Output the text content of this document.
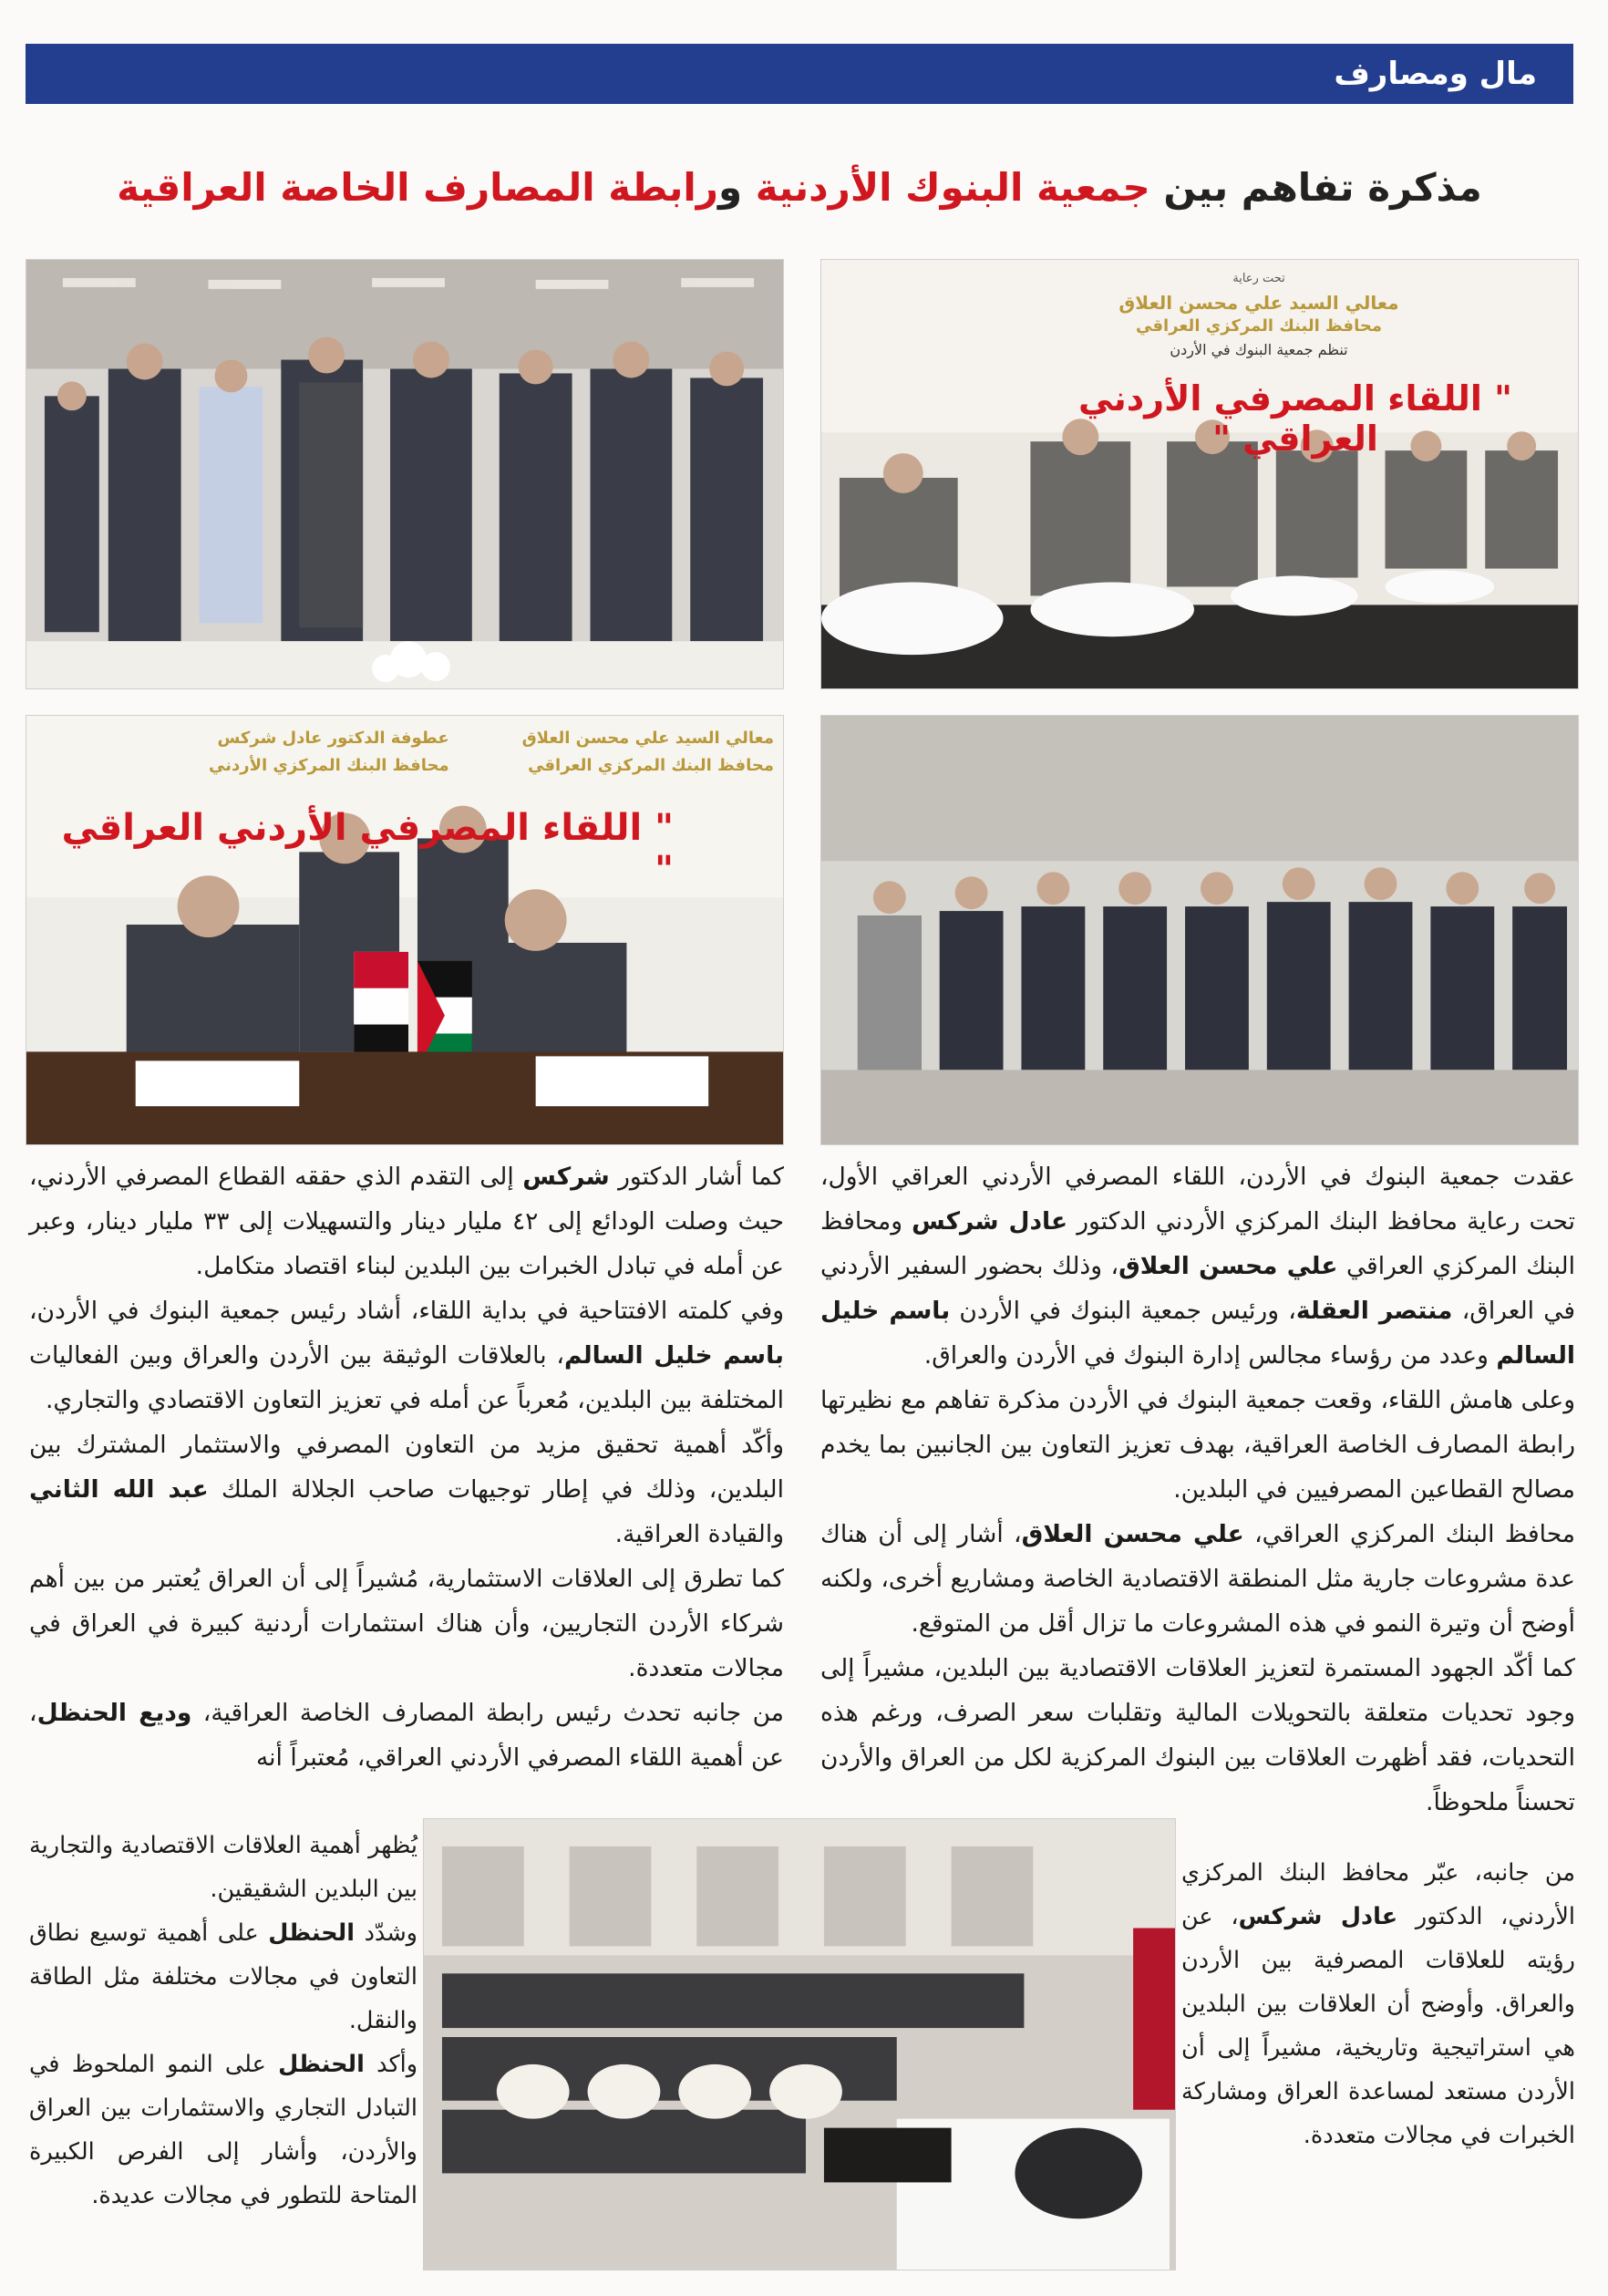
مال ومصارف
مذكرة تفاهم بين جمعية البنوك الأردنية ورابطة المصارف الخاصة العراقية
تحت رعاية
معالي السيد علي محسن العلاق
محافظ البنك المركزي العراقي
تنظم جمعية البنوك في الأردن
" اللقاء المصرفي الأردني العراقي "
معالي السيد علي محسن العلاق
محافظ البنك المركزي العراقي
عطوفة الدكتور عادل شركس
محافظ البنك المركزي الأردني
" اللقاء المصرفي الأردني العراقي "

عقدت جمعية البنوك في الأردن، اللقاء المصرفي الأردني العراقي الأول، تحت رعاية محافظ البنك المركزي الأردني الدكتور عادل شركس ومحافظ البنك المركزي العراقي علي محسن العلاق، وذلك بحضور السفير الأردني في العراق، منتصر العقلة، ورئيس جمعية البنوك في الأردن باسم خليل السالم وعدد من رؤساء مجالس إدارة البنوك في الأردن والعراق.

وعلى هامش اللقاء، وقعت جمعية البنوك في الأردن مذكرة تفاهم مع نظيرتها رابطة المصارف الخاصة العراقية، بهدف تعزيز التعاون بين الجانبين بما يخدم مصالح القطاعين المصرفيين في البلدين.

محافظ البنك المركزي العراقي، علي محسن العلاق، أشار إلى أن هناك عدة مشروعات جارية مثل المنطقة الاقتصادية الخاصة ومشاريع أخرى، ولكنه أوضح أن وتيرة النمو في هذه المشروعات ما تزال أقل من المتوقع.

كما أكّد الجهود المستمرة لتعزيز العلاقات الاقتصادية بين البلدين، مشيراً إلى وجود تحديات متعلقة بالتحويلات المالية وتقلبات سعر الصرف، ورغم هذه التحديات، فقد أظهرت العلاقات بين البنوك المركزية لكل من العراق والأردن تحسناً ملحوظاً.

من جانبه، عبّر محافظ البنك المركزي الأردني، الدكتور عادل شركس، عن رؤيته للعلاقات المصرفية بين الأردن والعراق. وأوضح أن العلاقات بين البلدين هي استراتيجية وتاريخية، مشيراً إلى أن الأردن مستعد لمساعدة العراق ومشاركة الخبرات في مجالات متعددة.

كما أشار الدكتور شركس إلى التقدم الذي حققه القطاع المصرفي الأردني، حيث وصلت الودائع إلى ٤٢ مليار دينار والتسهيلات إلى ٣٣ مليار دينار، وعبر عن أمله في تبادل الخبرات بين البلدين لبناء اقتصاد متكامل.

وفي كلمته الافتتاحية في بداية اللقاء، أشاد رئيس جمعية البنوك في الأردن، باسم خليل السالم، بالعلاقات الوثيقة بين الأردن والعراق وبين الفعاليات المختلفة بين البلدين، مُعرباً عن أمله في تعزيز التعاون الاقتصادي والتجاري.

وأكّد أهمية تحقيق مزيد من التعاون المصرفي والاستثمار المشترك بين البلدين، وذلك في إطار توجيهات صاحب الجلالة الملك عبد الله الثاني والقيادة العراقية.

كما تطرق إلى العلاقات الاستثمارية، مُشيراً إلى أن العراق يُعتبر من بين أهم شركاء الأردن التجاريين، وأن هناك استثمارات أردنية كبيرة في العراق في مجالات متعددة.

من جانبه تحدث رئيس رابطة المصارف الخاصة العراقية، وديع الحنظل، عن أهمية اللقاء المصرفي الأردني العراقي، مُعتبراً أنه

يُظهر أهمية العلاقات الاقتصادية والتجارية بين البلدين الشقيقين.

وشدّد الحنظل على أهمية توسيع نطاق التعاون في مجالات مختلفة مثل الطاقة والنقل.

وأكد الحنظل على النمو الملحوظ في التبادل التجاري والاستثمارات بين العراق والأردن، وأشار إلى الفرص الكبيرة المتاحة للتطور في مجالات عديدة.
